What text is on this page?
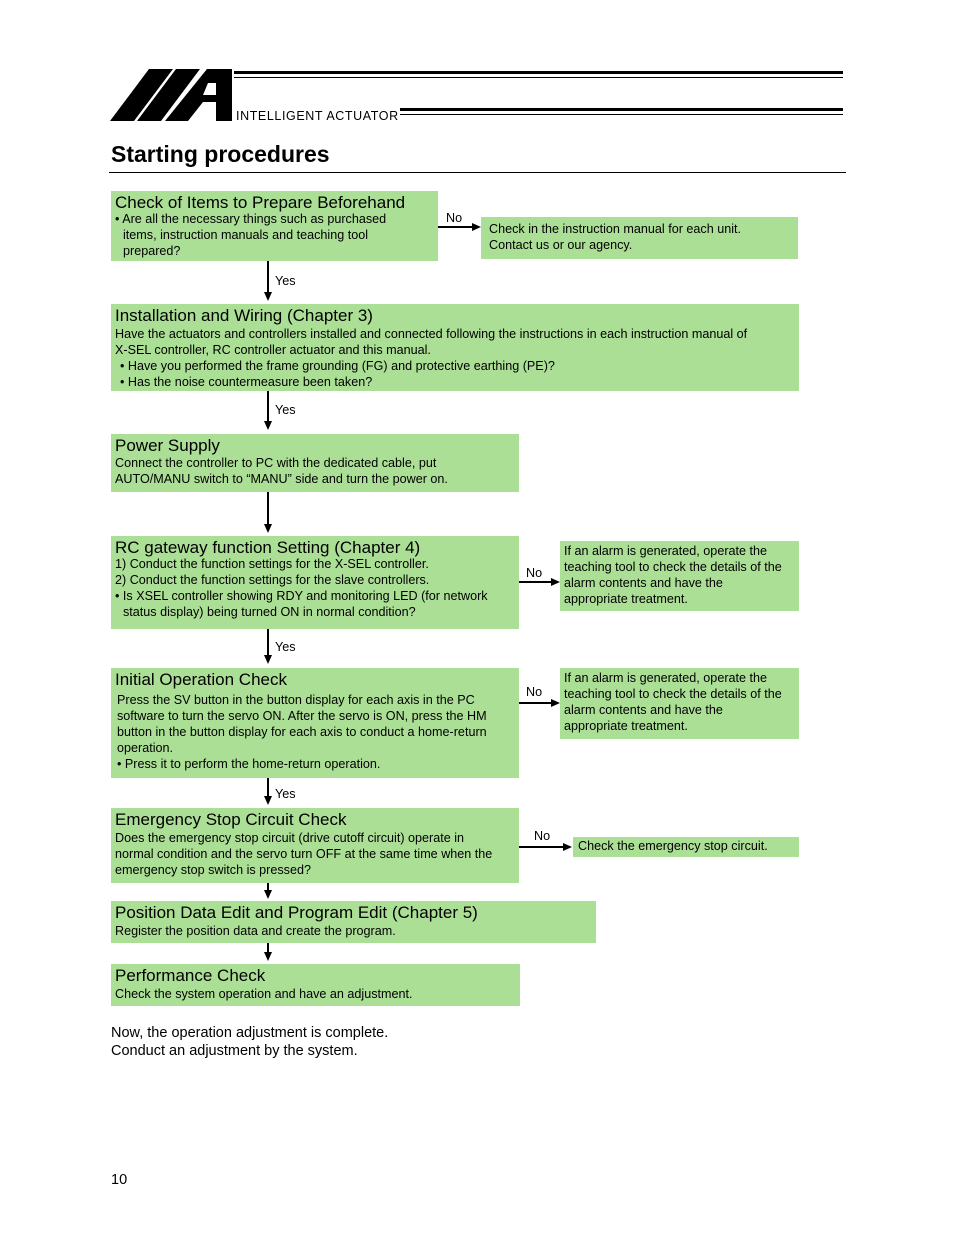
INTELLIGENT ACTUATOR
Starting procedures
Check of Items to Prepare Beforehand
• Are all the necessary things such as purchased
items, instruction manuals and teaching tool
prepared?
No
Check in the instruction manual for each unit.
Contact us or our agency.
Yes
Installation and Wiring (Chapter 3)
Have the actuators and controllers installed and connected following the instructions in each instruction manual of
X-SEL controller, RC controller actuator and this manual.
• Have you performed the frame grounding (FG) and protective earthing (PE)?
• Has the noise countermeasure been taken?
Yes
Power Supply
Connect the controller to PC with the dedicated cable, put
AUTO/MANU switch to “MANU” side and turn the power on.
RC gateway function Setting (Chapter 4)
1) Conduct the function settings for the X-SEL controller.
2) Conduct the function settings for the slave controllers.
• Is XSEL controller showing RDY and monitoring LED (for network
status display) being turned ON in normal condition?
No
If an alarm is generated, operate the
teaching tool to check the details of the
alarm contents and have the
appropriate treatment.
Yes
Initial Operation Check
Press the SV button in the button display for each axis in the PC
software to turn the servo ON. After the servo is ON, press the HM
button in the button display for each axis to conduct a home-return
operation.
• Press it to perform the home-return operation.
No
If an alarm is generated, operate the
teaching tool to check the details of the
alarm contents and have the
appropriate treatment.
Yes
Emergency Stop Circuit Check
Does the emergency stop circuit (drive cutoff circuit) operate in
normal condition and the servo turn OFF at the same time when the
emergency stop switch is pressed?
No
Check the emergency stop circuit.
Position Data Edit and Program Edit (Chapter 5)
Register the position data and create the program.
Performance Check
Check the system operation and have an adjustment.
Now, the operation adjustment is complete.
Conduct an adjustment by the system.
10
